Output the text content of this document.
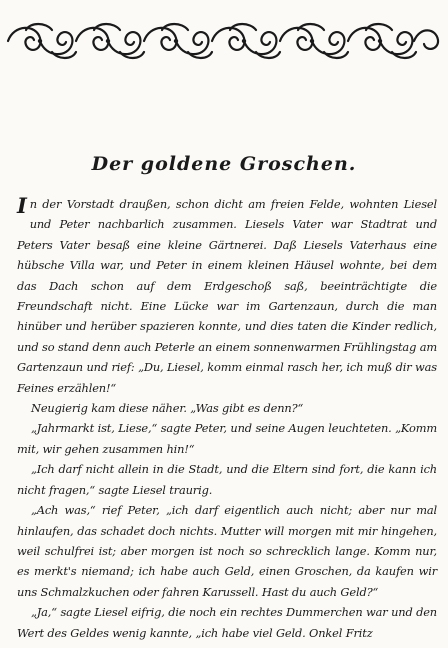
Der goldene Groschen.

In der Vorstadt draußen, schon dicht am freien Felde, wohnten Liesel und Peter nachbarlich zusammen. Liesels Vater war Stadtrat und Peters Vater besaß eine kleine Gärtnerei. Daß Liesels Vaterhaus eine hübsche Villa war, und Peter in einem kleinen Häusel wohnte, bei dem das Dach schon auf dem Erdgeschoß saß, beeinträchtigte die Freundschaft nicht. Eine Lücke war im Gartenzaun, durch die man hinüber und herüber spazieren konnte, und dies taten die Kinder redlich, und so stand denn auch Peterle an einem sonnenwarmen Frühlingstag am Gartenzaun und rief: „Du, Liesel, komm einmal rasch her, ich muß dir was Feines erzählen!“

Neugierig kam diese näher. „Was gibt es denn?“

„Jahrmarkt ist, Liese,“ sagte Peter, und seine Augen leuchteten. „Komm mit, wir gehen zusammen hin!“

„Ich darf nicht allein in die Stadt, und die Eltern sind fort, die kann ich nicht fragen,“ sagte Liesel traurig.

„Ach was,“ rief Peter, „ich darf eigentlich auch nicht; aber nur mal hinlaufen, das schadet doch nichts. Mutter will morgen mit mir hingehen, weil schulfrei ist; aber morgen ist noch so schrecklich lange. Komm nur, es merkt's niemand; ich habe auch Geld, einen Groschen, da kaufen wir uns Schmalzkuchen oder fahren Karussell. Hast du auch Geld?“

„Ja,“ sagte Liesel eifrig, die noch ein rechtes Dummerchen war und den Wert des Geldes wenig kannte, „ich habe viel Geld. Onkel Fritz
